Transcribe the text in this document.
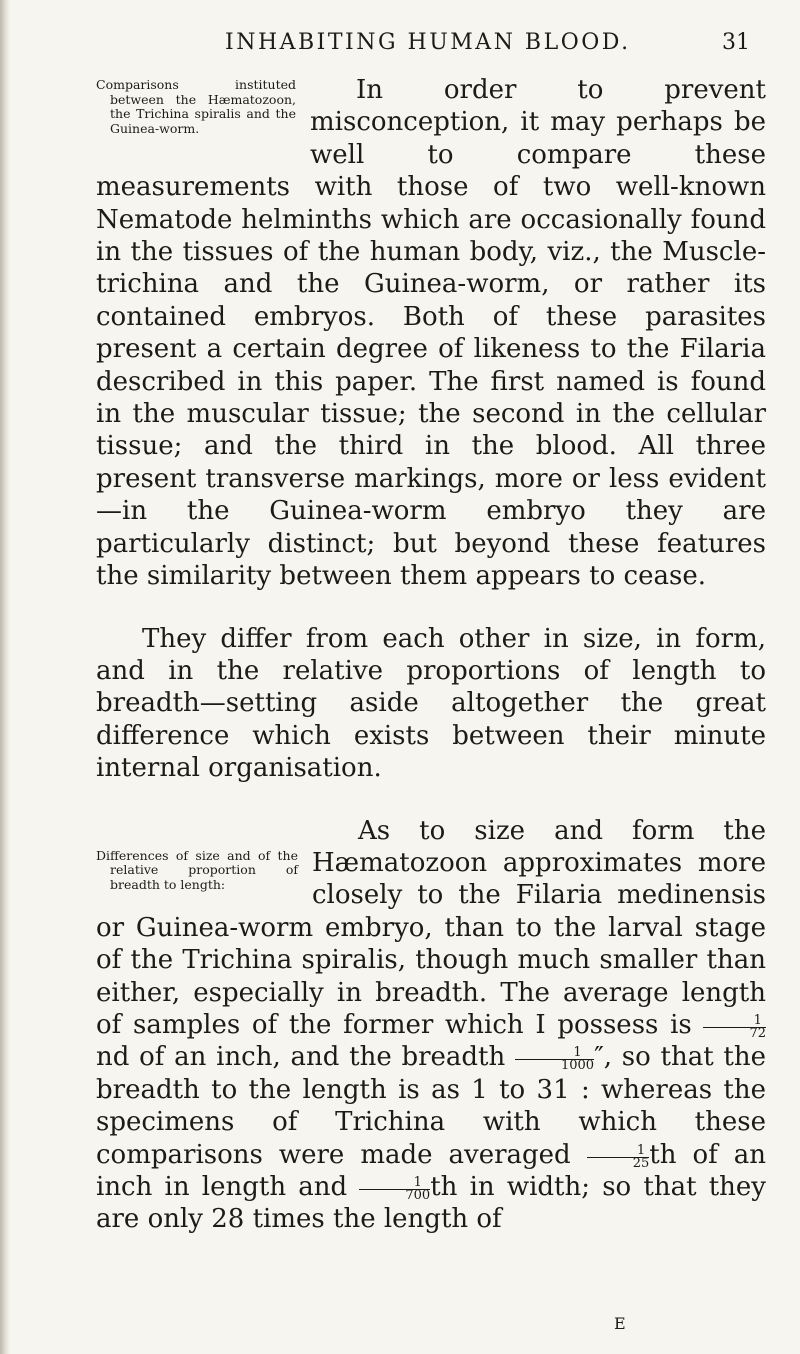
INHABITING HUMAN BLOOD.	31

Comparisons instituted between the Hæmatozoon, the Trichina spiralis and the Guinea-worm.
In order to prevent misconception, it may perhaps be well to compare these measurements with those of two well-known Nematode helminths which are occasionally found in the tissues of the human body, viz., the Muscle-trichina and the Guinea-worm, or rather its contained embryos. Both of these parasites present a certain degree of likeness to the Filaria described in this paper. The first named is found in the muscular tissue; the second in the cellular tissue; and the third in the blood. All three present transverse markings, more or less evident—in the Guinea-worm embryo they are particularly distinct; but beyond these features the similarity between them appears to cease.

They differ from each other in size, in form, and in the relative proportions of length to breadth—setting aside altogether the great difference which exists between their minute internal organisation.

Differences of size and of the relative proportion of breadth to length:
As to size and form the Hæmatozoon approximates more closely to the Filaria medinensis or Guinea-worm embryo, than to the larval stage of the Trichina spiralis, though much smaller than either, especially in breadth. The average length of samples of the former which I possess is $\frac{1}{72}$
nd of an inch, and the breadth $\frac{1}{1000}$ ″, so that the breadth to the length is as 1 to 31 : whereas the specimens of Trichina with which these comparisons were made averaged $\frac{1}{25}$ th of an inch in length and $\frac{1}{700}$ th in width; so that they are only 28 times the length of

E
